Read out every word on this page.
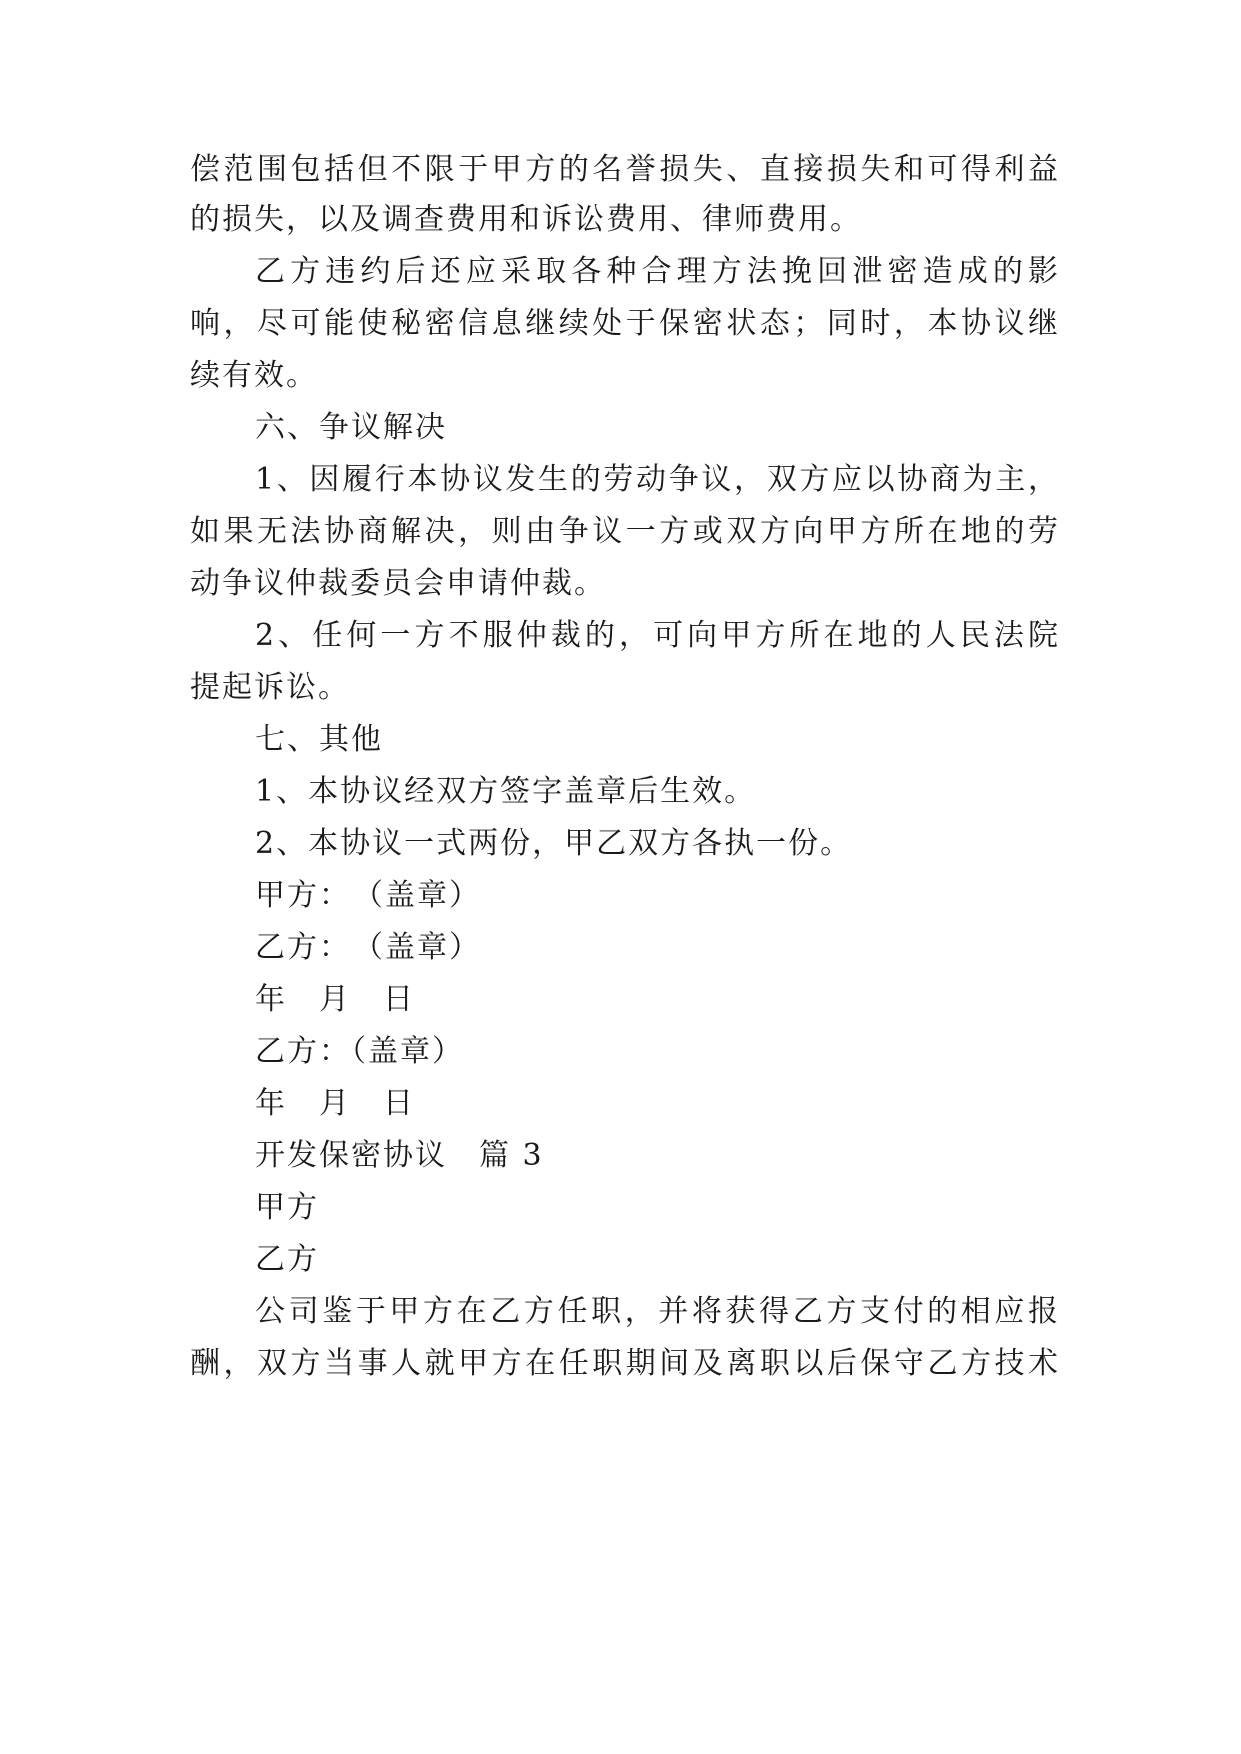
偿范围包括但不限于甲方的名誉损失、直接损失和可得利益
的损失，以及调查费用和诉讼费用、律师费用。
乙方违约后还应采取各种合理方法挽回泄密造成的影
响，尽可能使秘密信息继续处于保密状态；同时，本协议继
续有效。
六、争议解决
1、因履行本协议发生的劳动争议，双方应以协商为主，
如果无法协商解决，则由争议一方或双方向甲方所在地的劳
动争议仲裁委员会申请仲裁。
2、任何一方不服仲裁的，可向甲方所在地的人民法院
提起诉讼。
七、其他
1、本协议经双方签字盖章后生效。
2、本协议一式两份，甲乙双方各执一份。
甲方：　（盖章）
乙方：　（盖章）
年　月　日
乙方：（盖章）
年　月　日
开发保密协议　篇 3
甲方
乙方
公司鉴于甲方在乙方任职，并将获得乙方支付的相应报
酬，双方当事人就甲方在任职期间及离职以后保守乙方技术
